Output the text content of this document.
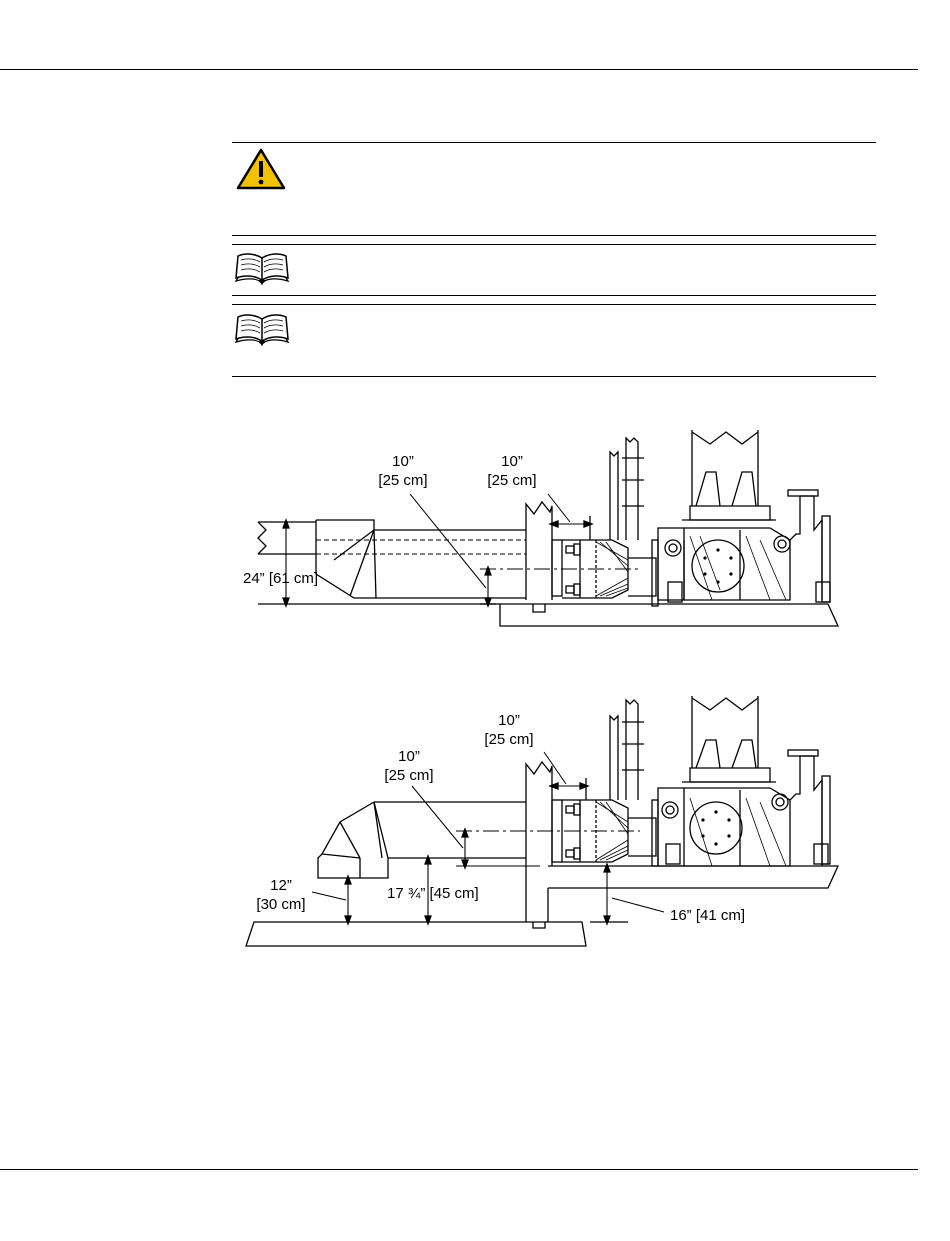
10”
[25 cm]
10”
[25 cm]
24” [61 cm]
10”
[25 cm]
10”
[25 cm]
12”
[30 cm]
17 ¾” [45 cm]
16” [41 cm]
